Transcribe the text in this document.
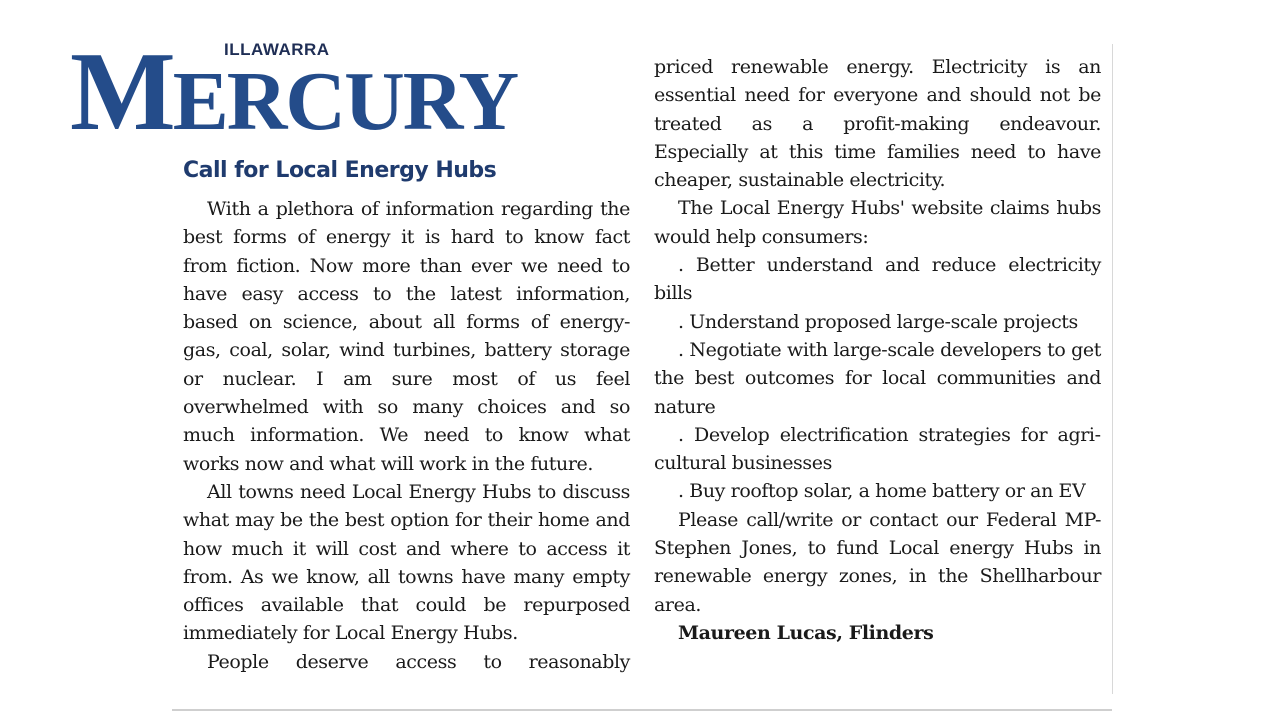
MERCURY
ILLAWARRA
Call for Local Energy Hubs

With a plethora of information regarding the best forms of energy it is hard to know fact from fiction. Now more than ever we need to have easy access to the latest information, based on science, about all forms of energy- gas, coal, solar, wind turbines, battery storage or nuclear. I am sure most of us feel overwhelmed with so many choices and so much information. We need to know what works now and what will work in the future.

All towns need Local Energy Hubs to discuss what may be the best option for their home and how much it will cost and where to access it from. As we know, all towns have many empty offices available that could be repurposed immediately for Local Energy Hubs.

People deserve access to reasonably

priced renewable energy. Electricity is an essential need for everyone and should not be treated as a profit-making endeavour. Especially at this time families need to have cheaper, sustainable electricity.

The Local Energy Hubs' website claims hubs would help consumers:

. Better understand and reduce electricity bills

. Understand proposed large-scale projects

. Negotiate with large-scale developers to get the best outcomes for local communities and nature

. Develop electrification strategies for agricultural businesses

. Buy rooftop solar, a home battery or an EV

Please call/write or contact our Federal MP- Stephen Jones, to fund Local energy Hubs in renewable energy zones, in the Shellharbour area.

Maureen Lucas, Flinders
